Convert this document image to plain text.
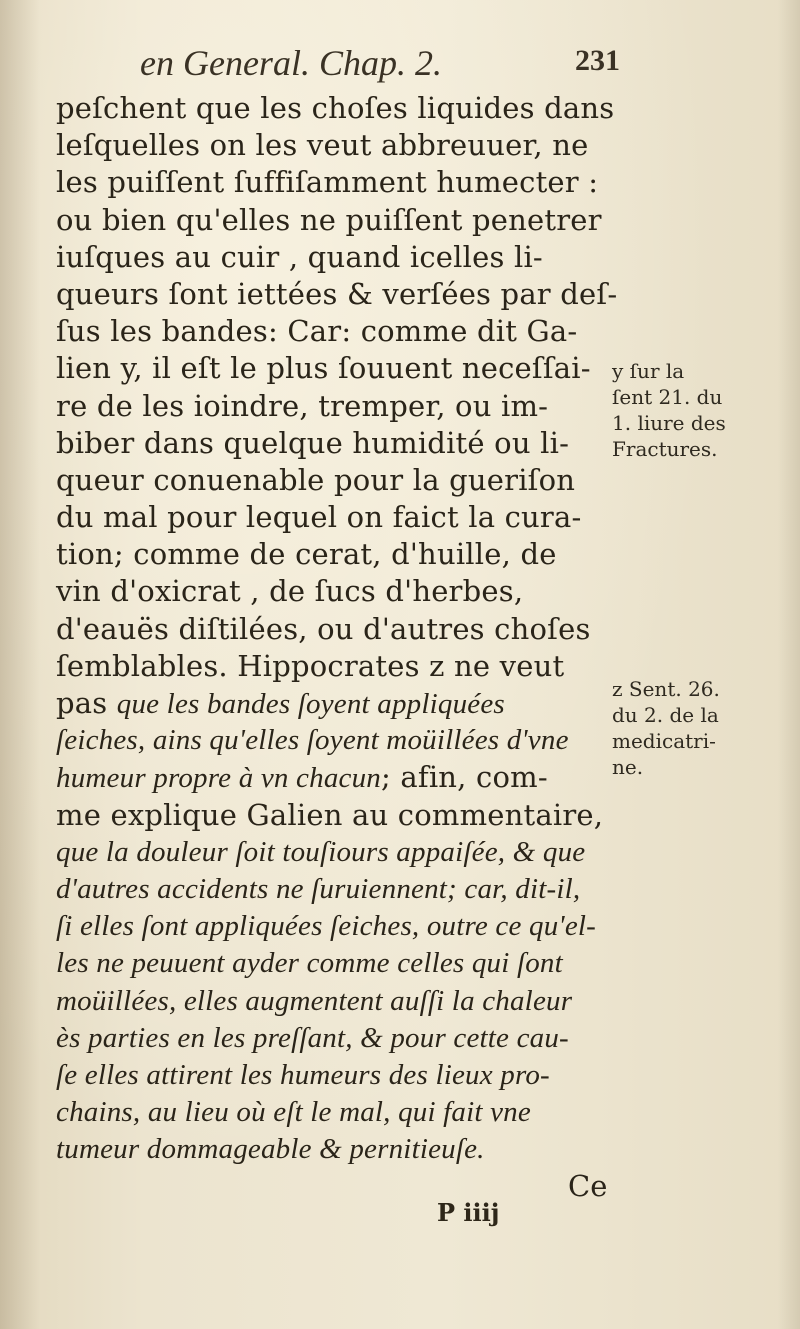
en General. Chap. 2.	231
peſchent que les choſes liquides dans
leſquelles on les veut abbreuuer, ne
les puiſſent ſuffiſamment humecter :
ou bien qu'elles ne puiſſent penetrer
iuſques au cuir , quand icelles li-
queurs ſont iettées & verſées par deſ-
ſus les bandes: Car: comme dit Ga-
lien y, il eſt le plus ſouuent neceſſai-
re de les ioindre, tremper, ou im-
biber dans quelque humidité ou li-
queur conuenable pour la gueriſon
du mal pour lequel on faict la cura-
tion; comme de cerat, d'huille, de
vin d'oxicrat , de ſucs d'herbes,
d'eauës diſtilées, ou d'autres choſes
ſemblables. Hippocrates z ne veut
pas que les bandes ſoyent appliquées
ſeiches, ains qu'elles ſoyent moüillées d'vne
humeur propre à vn chacun; afin, com-
me explique Galien au commentaire,
que la douleur ſoit touſiours appaiſée, & que
d'autres accidents ne ſuruiennent; car, dit-il,
ſi elles ſont appliquées ſeiches, outre ce qu'el-
les ne peuuent ayder comme celles qui ſont
moüillées, elles augmentent auſſi la chaleur
ès parties en les preſſant, & pour cette cau-
ſe elles attirent les humeurs des lieux pro-
chains, au lieu où eſt le mal, qui fait vne
tumeur dommageable & pernitieuſe.
Ce
P iiij
y ſur la
ſent 21. du
1. liure des
Fractures.
z Sent. 26.
du 2. de la
medicatri-
ne.
